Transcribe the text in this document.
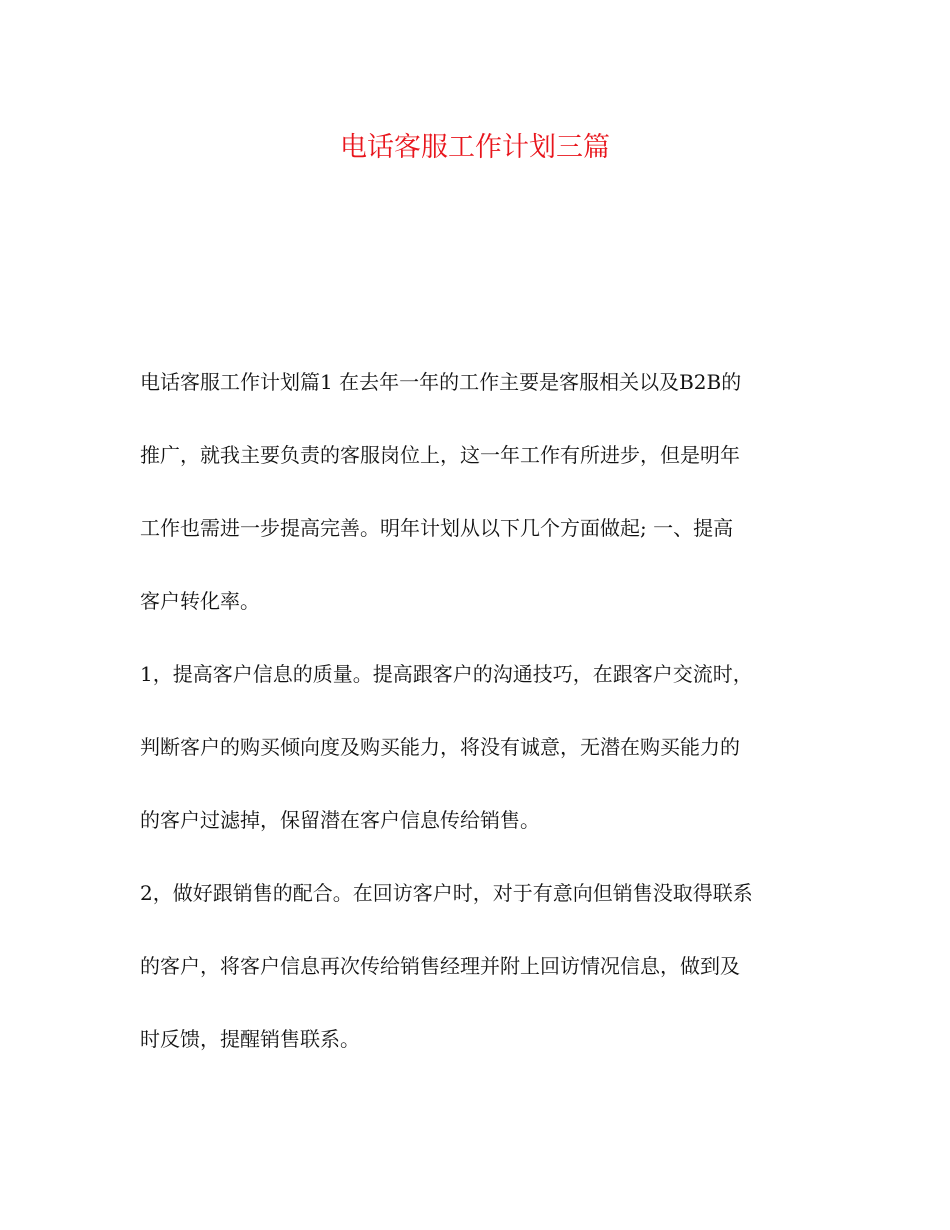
电话客服工作计划三篇
电话客服工作计划篇1 在去年一年的工作主要是客服相关以及B2B的
推广，就我主要负责的客服岗位上，这一年工作有所进步，但是明年
工作也需进一步提高完善。明年计划从以下几个方面做起; 一、提高
客户转化率。
1，提高客户信息的质量。提高跟客户的沟通技巧，在跟客户交流时，
判断客户的购买倾向度及购买能力，将没有诚意，无潜在购买能力的
的客户过滤掉，保留潜在客户信息传给销售。
2，做好跟销售的配合。在回访客户时，对于有意向但销售没取得联系
的客户，将客户信息再次传给销售经理并附上回访情况信息，做到及
时反馈，提醒销售联系。
